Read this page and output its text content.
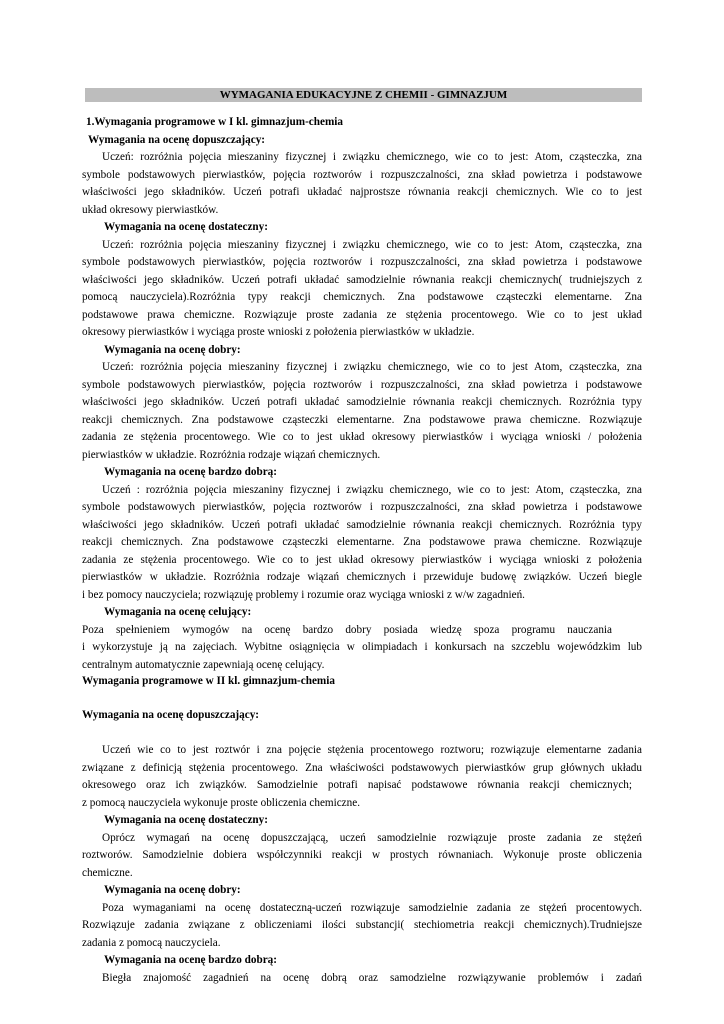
WYMAGANIA EDUKACYJNE Z CHEMII - GIMNAZJUM
1.Wymagania programowe w I kl. gimnazjum-chemia
Wymagania na ocenę dopuszczający:
Uczeń: rozróżnia pojęcia mieszaniny fizycznej i związku chemicznego, wie co to jest: Atom, cząsteczka, zna
symbole podstawowych pierwiastków, pojęcia roztworów i rozpuszczalności, zna skład powietrza i podstawowe
właściwości jego składników. Uczeń potrafi układać najprostsze równania reakcji chemicznych. Wie co to jest
układ okresowy pierwiastków.
Wymagania na ocenę dostateczny:
Uczeń: rozróżnia pojęcia mieszaniny fizycznej i związku chemicznego, wie co to jest: Atom, cząsteczka, zna
symbole podstawowych pierwiastków, pojęcia roztworów i rozpuszczalności, zna skład powietrza i podstawowe
właściwości jego składników. Uczeń potrafi układać samodzielnie równania reakcji chemicznych( trudniejszych z
pomocą nauczyciela).Rozróżnia typy reakcji chemicznych. Zna podstawowe cząsteczki elementarne. Zna
podstawowe prawa chemiczne. Rozwiązuje proste zadania ze stężenia procentowego. Wie co to jest układ
okresowy pierwiastków i wyciąga proste wnioski z położenia pierwiastków w układzie.
Wymagania na ocenę dobry:
Uczeń: rozróżnia pojęcia mieszaniny fizycznej i związku chemicznego, wie co to jest Atom, cząsteczka, zna
symbole podstawowych pierwiastków, pojęcia roztworów i rozpuszczalności, zna skład powietrza i podstawowe
właściwości jego składników. Uczeń potrafi układać samodzielnie równania reakcji chemicznych. Rozróżnia typy
reakcji chemicznych. Zna podstawowe cząsteczki elementarne. Zna podstawowe prawa chemiczne. Rozwiązuje
zadania ze stężenia procentowego. Wie co to jest układ okresowy pierwiastków i wyciąga wnioski / położenia
pierwiastków w układzie. Rozróżnia rodzaje wiązań chemicznych.
Wymagania na ocenę bardzo dobrą:
Uczeń : rozróżnia pojęcia mieszaniny fizycznej i związku chemicznego, wie co to jest: Atom, cząsteczka, zna
symbole podstawowych pierwiastków, pojęcia roztworów i rozpuszczalności, zna skład powietrza i podstawowe
właściwości jego składników. Uczeń potrafi układać samodzielnie równania reakcji chemicznych. Rozróżnia typy
reakcji chemicznych. Zna podstawowe cząsteczki elementarne. Zna podstawowe prawa chemiczne. Rozwiązuje
zadania ze stężenia procentowego. Wie co to jest układ okresowy pierwiastków i wyciąga wnioski z położenia
pierwiastków w układzie. Rozróżnia rodzaje wiązań chemicznych i przewiduje budowę związków. Uczeń biegle
i bez pomocy nauczyciela; rozwiązuję problemy i rozumie oraz wyciąga wnioski z w/w zagadnień.
Wymagania na ocenę celujący:
Poza spełnieniem wymogów na ocenę bardzo dobry posiada wiedzę spoza programu nauczania
i wykorzystuje ją na zajęciach. Wybitne osiągnięcia w olimpiadach i konkursach na szczeblu wojewódzkim lub
centralnym automatycznie zapewniają ocenę celujący.
Wymagania programowe w II kl. gimnazjum-chemia
Wymagania na ocenę dopuszczający:
Uczeń wie co to jest roztwór i zna pojęcie stężenia procentowego roztworu; rozwiązuje elementarne zadania
związane z definicją stężenia procentowego. Zna właściwości podstawowych pierwiastków grup głównych układu
okresowego oraz ich związków. Samodzielnie potrafi napisać podstawowe równania reakcji chemicznych;
z pomocą nauczyciela wykonuje proste obliczenia chemiczne.
Wymagania na ocenę dostateczny:
Oprócz wymagań na ocenę dopuszczającą, uczeń samodzielnie rozwiązuje proste zadania ze stężeń
roztworów. Samodzielnie dobiera współczynniki reakcji w prostych równaniach. Wykonuje proste obliczenia
chemiczne.
Wymagania na ocenę dobry:
Poza wymaganiami na ocenę dostateczną-uczeń rozwiązuje samodzielnie zadania ze stężeń procentowych.
Rozwiązuje zadania związane z obliczeniami ilości substancji( stechiometria reakcji chemicznych).Trudniejsze
zadania z pomocą nauczyciela.
Wymagania na ocenę bardzo dobrą:
Biegła znajomość zagadnień na ocenę dobrą oraz samodzielne rozwiązywanie problemów i zadań
